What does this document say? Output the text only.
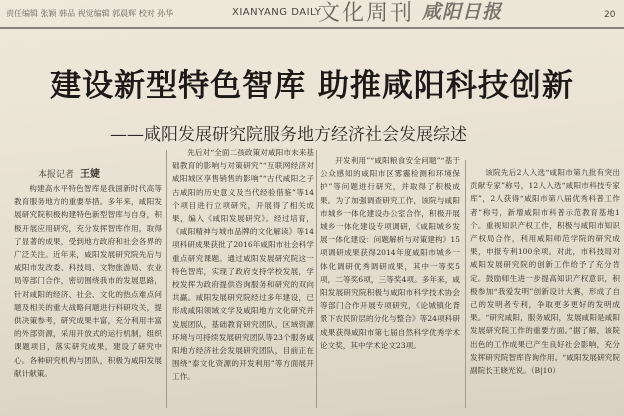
责任编辑 张颖 韩品 视觉编辑 郭晨辉 校对 孙华	XIANYANG DAILY
文化周刊 咸阳日报	20
建设新型特色智库 助推咸阳科技创新
——咸阳发展研究院服务地方经济社会发展综述
本报记者 王婕

构建高水平特色智库是我国新时代高等教育服务地方的重要举措。多年来，咸阳发展研究院积极构建特色新型智库与自身，积极开展应用研究，充分发挥智库作用，取得了显著的成果，受到地方政府和社会各界的广泛关注。近年来，咸阳发展研究院先后与咸阳市发改委、科技局、文物旅游局、农业局等部门合作，密切围绕我市的发展思路，针对咸阳的经济、社会、文化的热点难点问题及相关的重大战略问题进行科研攻关，提供决策参考，研究成果丰富，充分利用丰富的外部资源，采用开放式的运行机制，组织课题项目，落实研究成果，建设了研究中心。各种研究机构与团队，积极为咸阳发展献计献策。

先后对“全面二孩政策对咸阳市未来基础教育的影响与对策研究”“互联网经济对咸阳城区享售销售的影响”“古代咸阳之子古咸阳的历史意义及当代经验借鉴”等14个项目进行立项研究，开展得了相关成果，编入《咸阳发展研究》。经过培育，《咸阳精神与城市品牌的文化解读》等14项科研成果获批了2016年咸阳市社会科学重点研究课题。通过咸阳发展研究院这一特色智库，实现了政府支持学校发展，学校发挥为政府提供咨询服务和研究的双向共赢。咸阳发展研究院经过多年建设，已形成咸阳领域文学及咸阳地方文化研究并发展团队，基础教育研究团队，区域资源环境与可持续发展研究团队等23个服务咸阳地方经济社会发展研究团队，目前正在围绕“泰文化资源的开发利用”等方面展开工作。

开发利用”“咸阳粮食安全问题”“基于公众感知的咸阳市区雾霾检测和环境保护”等问题进行研究，并取得了积极成果。为了加强调查研究工作，该院与咸阳市城乡一体化建设办公室合作，积极开展城乡一体化建设专项调研，《咸阳城乡发展一体化建设：问题解析与对策建构》15项调研成果获得2014年度咸阳市城乡一体化调研优秀调研成果，其中一等奖5项，二等奖6项，三等奖4项。多年来，咸阳发展研究院积极与咸阳市科学技术协会等部门合作开展专项研究，《论城镇化背景下农民阶层的分化与整合》等24项科研成果获得咸阳市第七届自然科学优秀学术论文奖，其中学术论文23项。

该院先后2人入选“咸阳市第九批有突出贡献专家”称号，12人入选“咸阳市科技专家库”，2人获得“咸阳市第八届优秀科普工作者”称号，新增咸阳市科普示范教育基地1个。重视知识产权工作，积极与咸阳市知识产权局合作，利用咸阳师范学院的研究成果，申报专利100余项。对此，市科技局对咸阳发展研究院的创新工作给予了充分肯定。鼓励师生进一步提高知识产权意识，积极参加“我爱发明”创新设计大赛，形成了自己的发明者专利，争取更多更好的发明成果。“研究咸阳，服务咸阳，发展咸阳是咸阳发展研究院工作的重要方面。”据了解，该院出色的工作成果已产生良好社会影响，充分发挥研究院智库咨询作用。“咸阳发展研究院副院长王晓光说。（B|10）
